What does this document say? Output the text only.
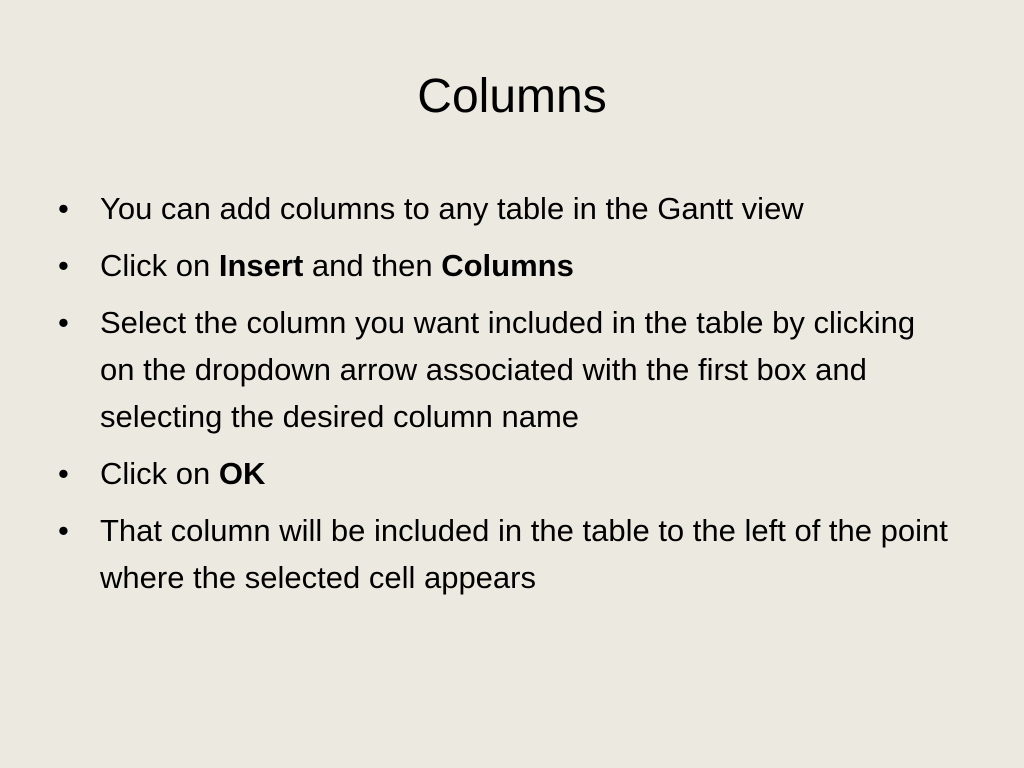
Columns
• You can add columns to any table in the Gantt view
• Click on Insert and then Columns
• Select the column you want included in the table by clicking on the dropdown arrow associated with the first box and selecting the desired column name
• Click on OK
• That column will be included in the table to the left of the point where the selected cell appears
